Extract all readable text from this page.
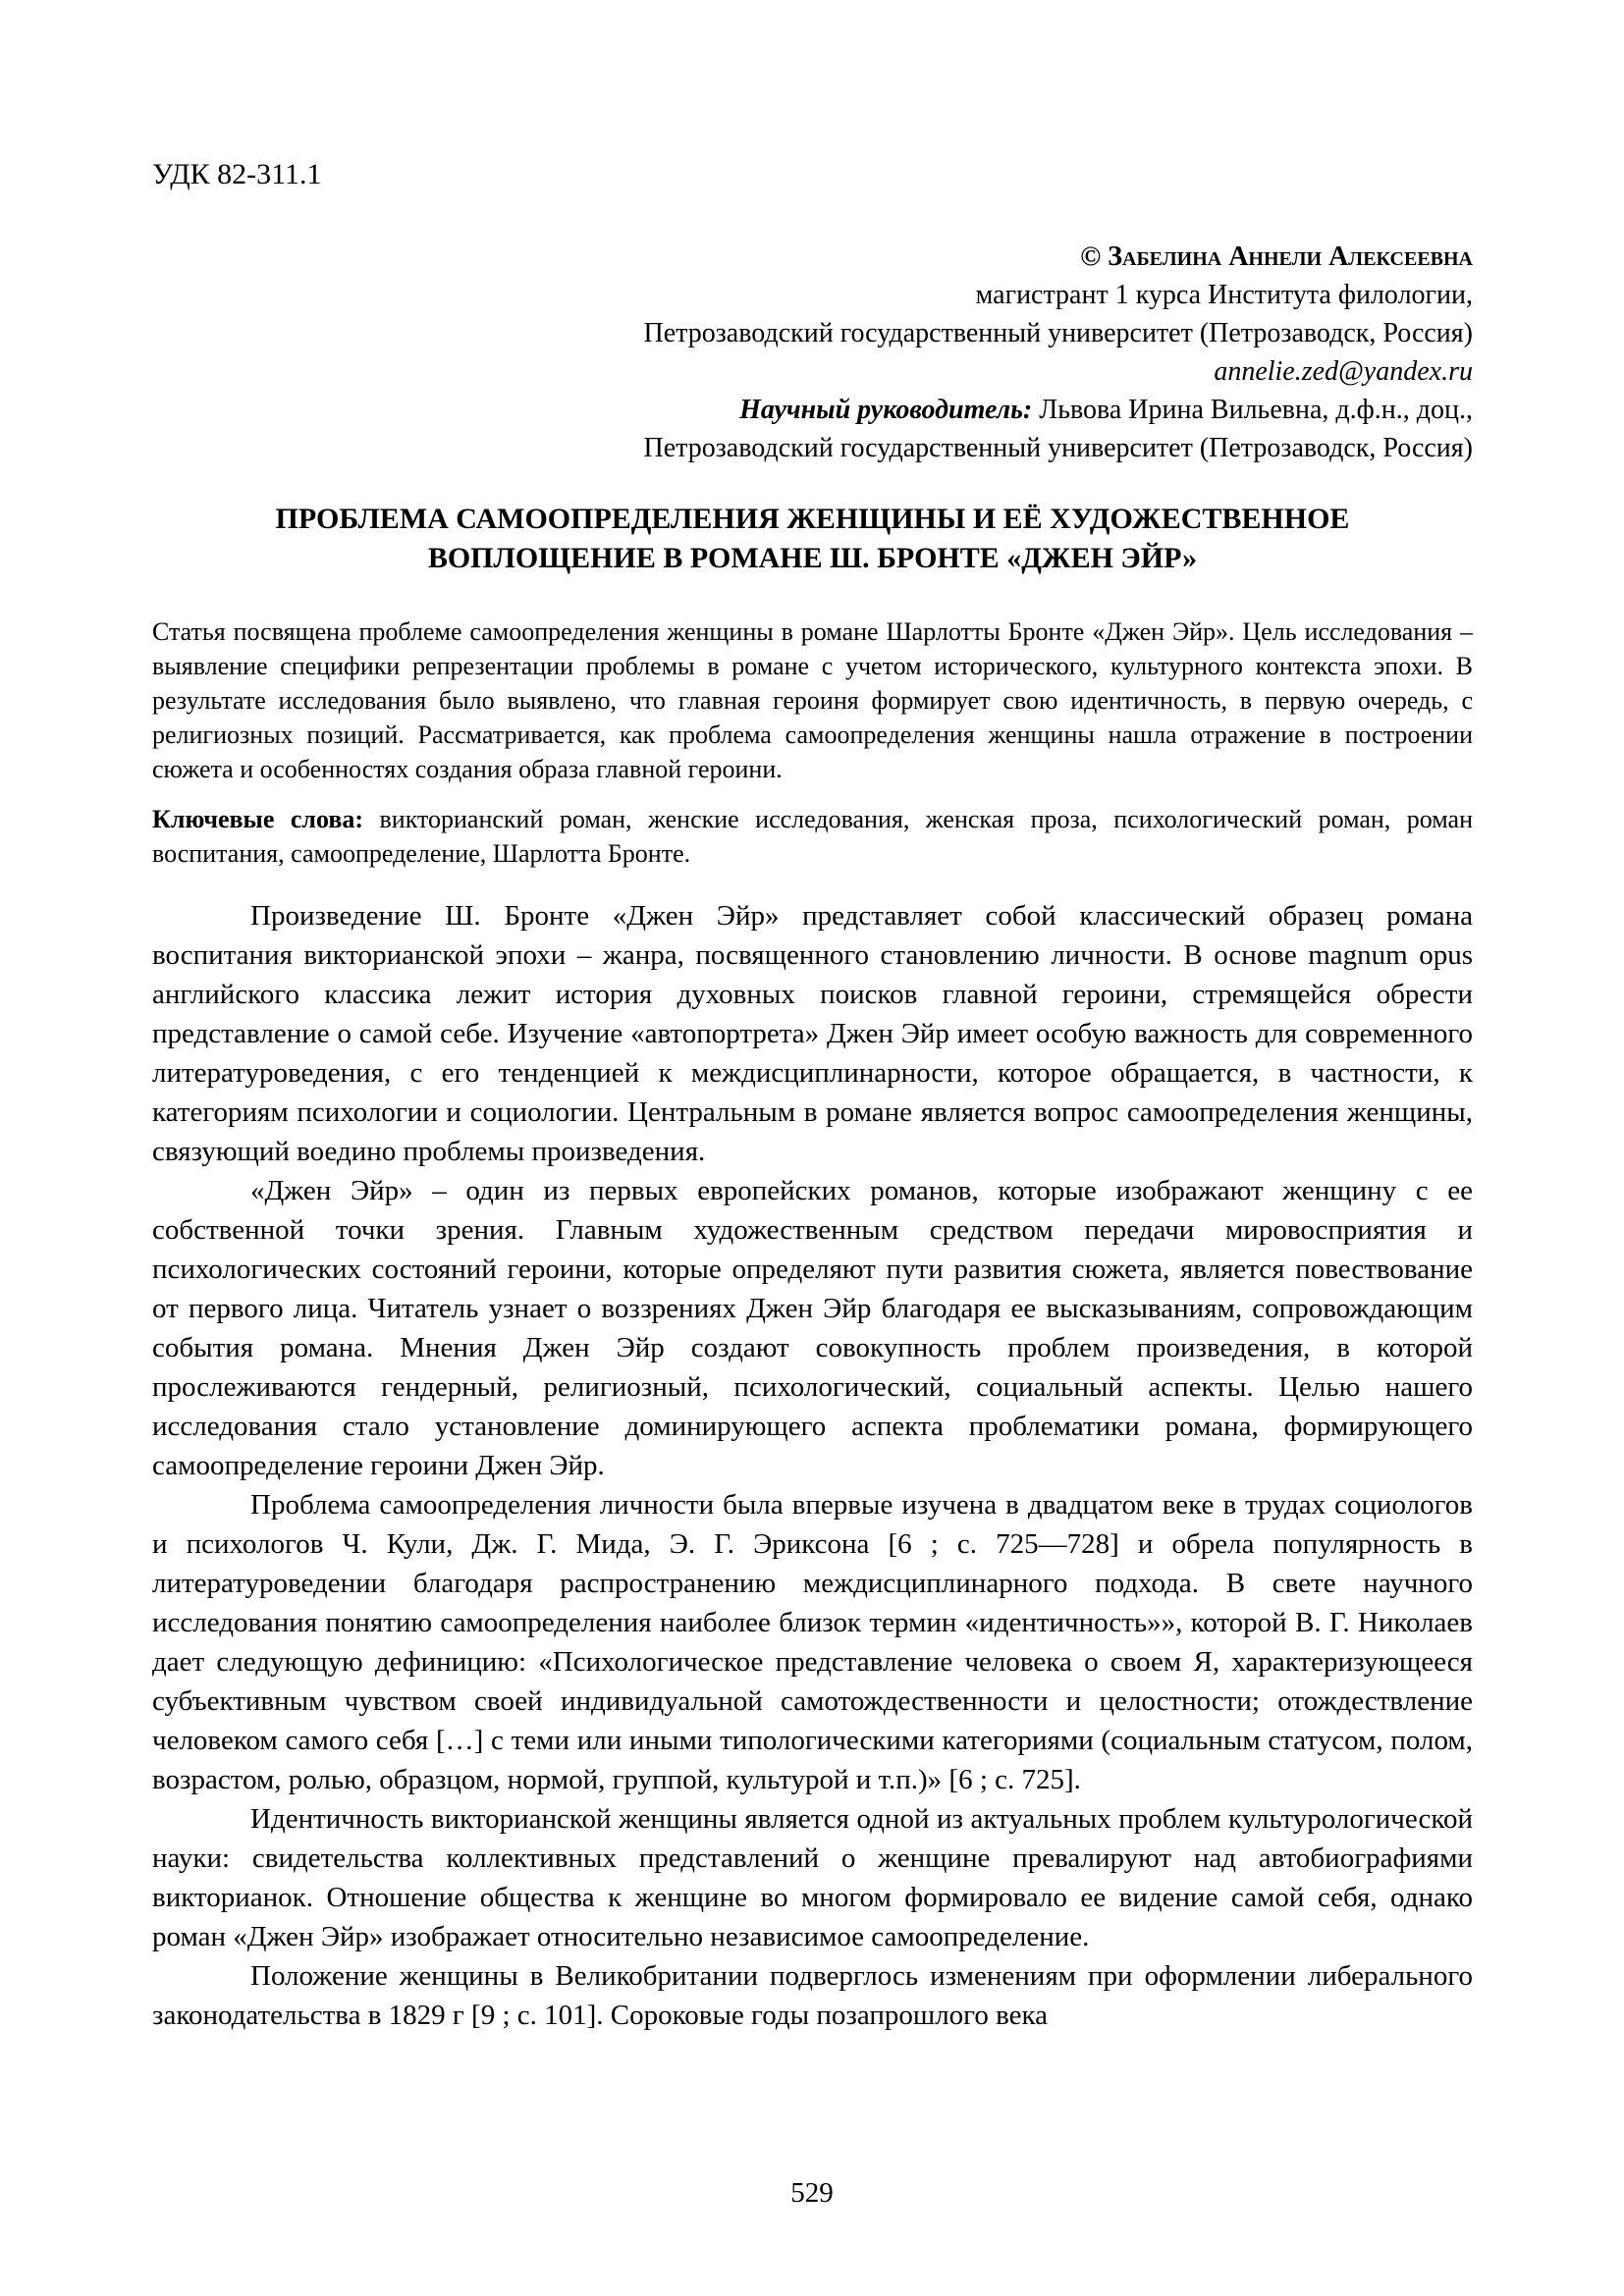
УДК 82-311.1
© Забелина Аннели Алексеевна
магистрант 1 курса Института филологии,
Петрозаводский государственный университет (Петрозаводск, Россия)
annelie.zed@yandex.ru
Научный руководитель: Львова Ирина Вильевна, д.ф.н., доц.,
Петрозаводский государственный университет (Петрозаводск, Россия)
ПРОБЛЕМА САМООПРЕДЕЛЕНИЯ ЖЕНЩИНЫ И ЕЁ ХУДОЖЕСТВЕННОЕ
ВОПЛОЩЕНИЕ В РОМАНЕ Ш. БРОНТЕ «ДЖЕН ЭЙР»
Статья посвящена проблеме самоопределения женщины в романе Шарлотты Бронте «Джен Эйр». Цель исследования – выявление специфики репрезентации проблемы в романе с учетом исторического, культурного контекста эпохи. В результате исследования было выявлено, что главная героиня формирует свою идентичность, в первую очередь, с религиозных позиций. Рассматривается, как проблема самоопределения женщины нашла отражение в построении сюжета и особенностях создания образа главной героини.
Ключевые слова: викторианский роман, женские исследования, женская проза, психологический роман, роман воспитания, самоопределение, Шарлотта Бронте.

Произведение Ш. Бронте «Джен Эйр» представляет собой классический образец романа воспитания викторианской эпохи – жанра, посвященного становлению личности. В основе magnum opus английского классика лежит история духовных поисков главной героини, стремящейся обрести представление о самой себе. Изучение «автопортрета» Джен Эйр имеет особую важность для современного литературоведения, с его тенденцией к междисциплинарности, которое обращается, в частности, к категориям психологии и социологии. Центральным в романе является вопрос самоопределения женщины, связующий воедино проблемы произведения.

«Джен Эйр» – один из первых европейских романов, которые изображают женщину с ее собственной точки зрения. Главным художественным средством передачи мировосприятия и психологических состояний героини, которые определяют пути развития сюжета, является повествование от первого лица. Читатель узнает о воззрениях Джен Эйр благодаря ее высказываниям, сопровождающим события романа. Мнения Джен Эйр создают совокупность проблем произведения, в которой прослеживаются гендерный, религиозный, психологический, социальный аспекты. Целью нашего исследования стало установление доминирующего аспекта проблематики романа, формирующего самоопределение героини Джен Эйр.

Проблема самоопределения личности была впервые изучена в двадцатом веке в трудах социологов и психологов Ч. Кули, Дж. Г. Мида, Э. Г. Эриксона [6 ; с. 725—728] и обрела популярность в литературоведении благодаря распространению междисциплинарного подхода. В свете научного исследования понятию самоопределения наиболее близок термин «идентичность»», которой В. Г. Николаев дает следующую дефиницию: «Психологическое представление человека о своем Я, характеризующееся субъективным чувством своей индивидуальной самотождественности и целостности; отождествление человеком самого себя […] с теми или иными типологическими категориями (социальным статусом, полом, возрастом, ролью, образцом, нормой, группой, культурой и т.п.)» [6 ; с. 725].

Идентичность викторианской женщины является одной из актуальных проблем культурологической науки: свидетельства коллективных представлений о женщине превалируют над автобиографиями викторианок. Отношение общества к женщине во многом формировало ее видение самой себя, однако роман «Джен Эйр» изображает относительно независимое самоопределение.

Положение женщины в Великобритании подверглось изменениям при оформлении либерального законодательства в 1829 г [9 ; с. 101]. Сороковые годы позапрошлого века

529
